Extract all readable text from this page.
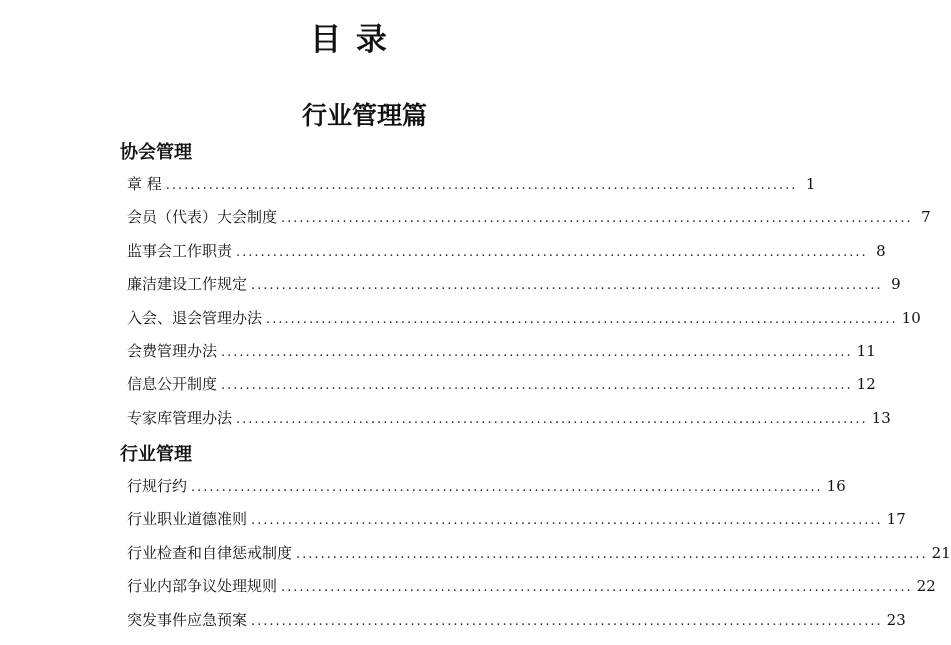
目 录
行业管理篇
协会管理
章 程 ....................................................................................................... 1
会员（代表）大会制度 ....................................................................................................... 7
监事会工作职责 ....................................................................................................... 8
廉洁建设工作规定 ....................................................................................................... 9
入会、退会管理办法 ....................................................................................................... 10
会费管理办法 ....................................................................................................... 11
信息公开制度 ....................................................................................................... 12
专家库管理办法 ....................................................................................................... 13
行业管理
行规行约 ....................................................................................................... 16
行业职业道德准则 ....................................................................................................... 17
行业检查和自律惩戒制度 ....................................................................................................... 21
行业内部争议处理规则 ....................................................................................................... 22
突发事件应急预案 ....................................................................................................... 23
